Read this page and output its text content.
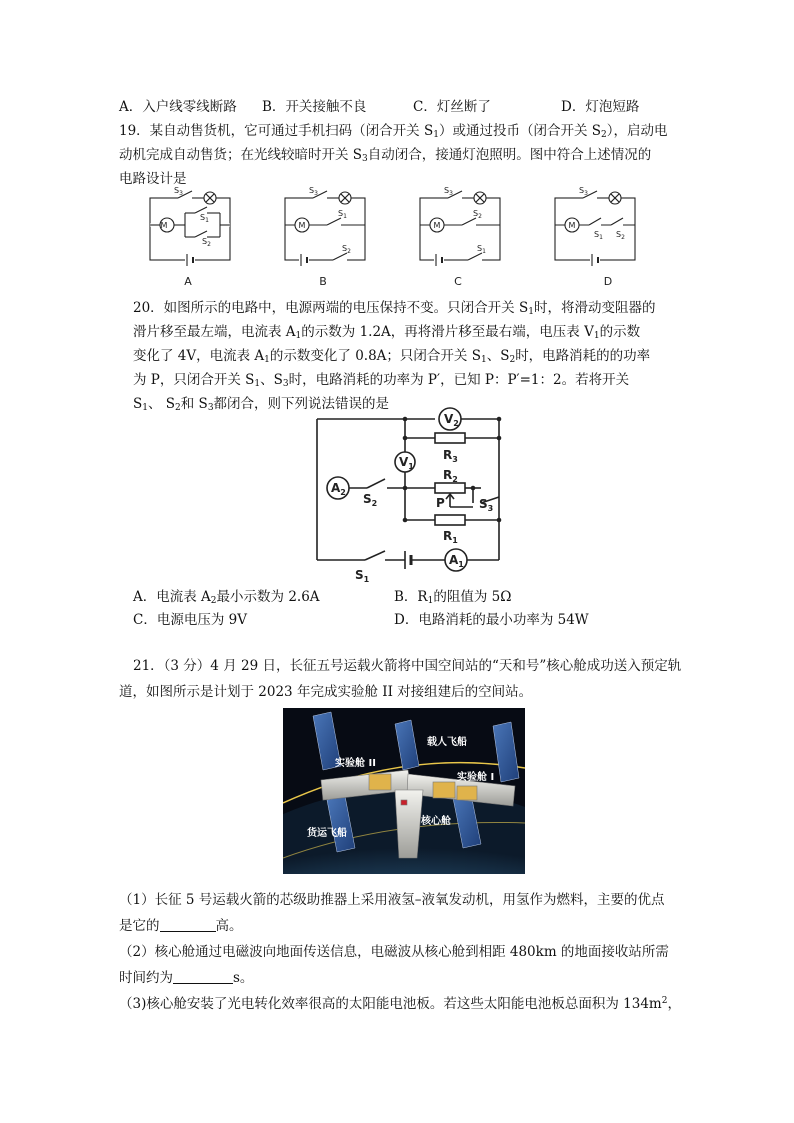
A．入户线零线断路 B．开关接触不良	C．灯丝断了	D．灯泡短路
19．某自动售货机，它可通过手机扫码（闭合开关 $S_1$）或通过投币（闭合开关 $S_2$），启动电
动机完成自动售货；在光线较暗时开关 $S_3$自动闭合，接通灯泡照明。图中符合上述情况的
电路设计是
$S_3$
M
$S_1$
$S_2$
$S_3$
M
$S_1$
$S_2$
$S_3$
M
$S_2$
$S_1$
$S_3$
M
$S_1$ $S_2$
A	B	C	D
20．如图所示的电路中，电源两端的电压保持不变。只闭合开关 $S_1$时，将滑动变阻器的
滑片移至最左端，电流表 $A_1$的示数为 1.2A，再将滑片移至最右端，电压表 $V_1$的示数
变化了 4V，电流表 $A_1$的示数变化了 0.8A；只闭合开关 $S_1$、$S_2$时，电路消耗的的功率
为 P，只闭合开关 $S_1$、$S_3$时，电路消耗的功率为 P′，已知 P：P′=1：2。若将开关
$S_1$、 $S_2$和 $S_3$都闭合，则下列说法错误的是
$V_2$
$R_3$
$V_1$
$R_2$
$A_2$ $S_2$	P	$S_3$
$R_1$
$A_1$
$S_1$
A．电流表 $A_2$最小示数为 2.6A	B．$R_1$的阻值为 5Ω
C．电源电压为 9V	D．电路消耗的最小功率为 54W
21．（3 分）4 月 29 日，长征五号运载火箭将中国空间站的“天和号”核心舱成功送入预定轨
道，如图所示是计划于 2023 年完成实验舱 II 对接组建后的空间站。
载人飞船
实验舱 II
实验舱 I
核心舱
货运飞船
（1）长征 5 号运载火箭的芯级助推器上采用液氢–液氧发动机，用氢作为燃料，主要的优点
是它的	高。
（2）核心舱通过电磁波向地面传送信息，电磁波从核心舱到相距 480km 的地面接收站所需
时间约为	s。
（3)核心舱安装了光电转化效率很高的太阳能电池板。若这些太阳能电池板总面积为 $134m^2$，
